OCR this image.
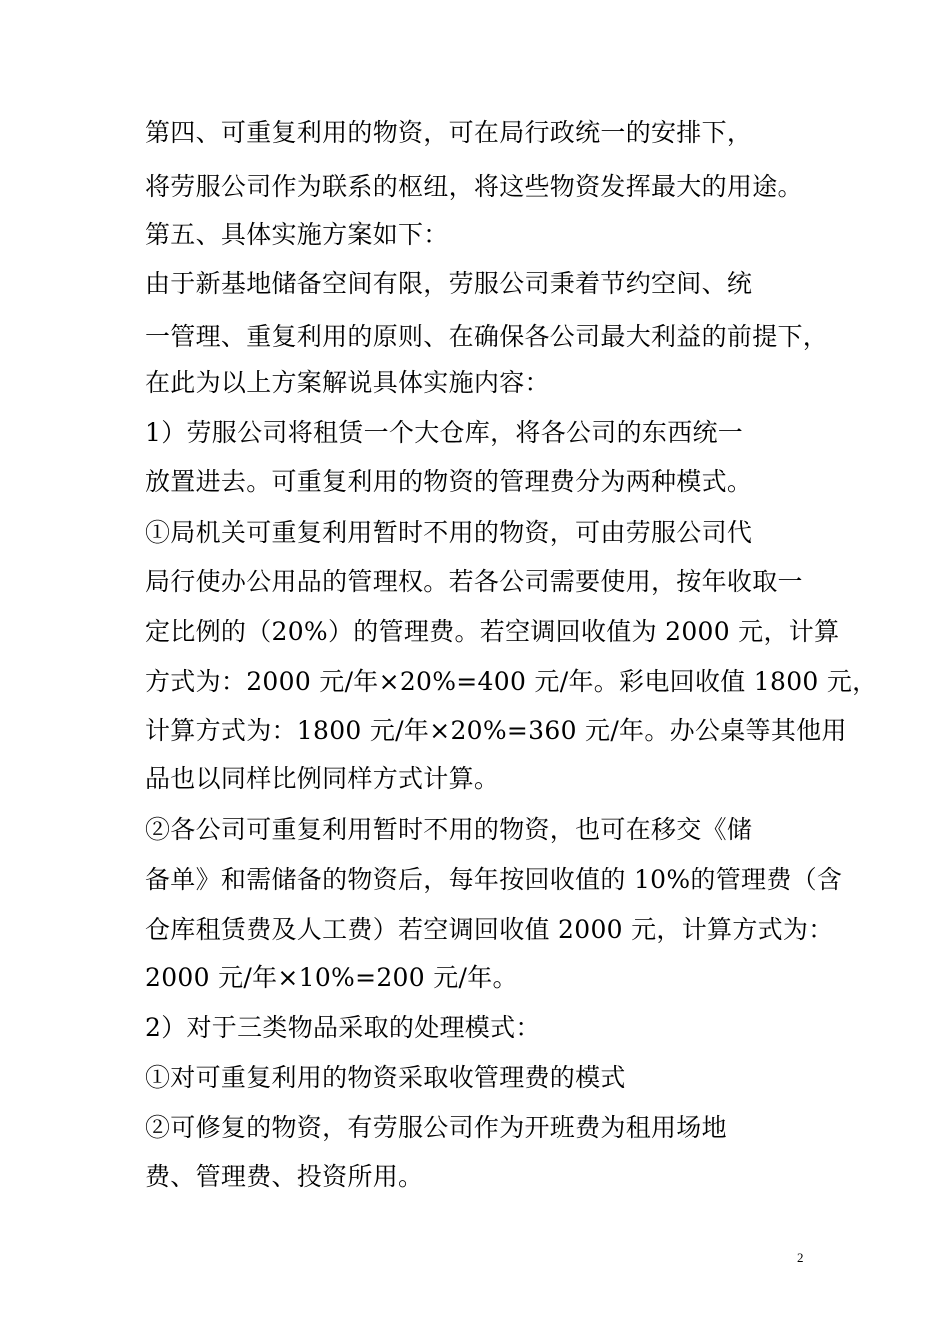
第四、可重复利用的物资，可在局行政统一的安排下，
将劳服公司作为联系的枢纽，将这些物资发挥最大的用途。
第五、具体实施方案如下：
由于新基地储备空间有限，劳服公司秉着节约空间、统
一管理、重复利用的原则、在确保各公司最大利益的前提下，
在此为以上方案解说具体实施内容：
1）劳服公司将租赁一个大仓库，将各公司的东西统一
放置进去。可重复利用的物资的管理费分为两种模式。
①局机关可重复利用暂时不用的物资，可由劳服公司代
局行使办公用品的管理权。若各公司需要使用，按年收取一
定比例的（20%）的管理费。若空调回收值为 2000 元，计算
方式为：2000 元/年×20%=400 元/年。彩电回收值 1800 元，
计算方式为：1800 元/年×20%=360 元/年。办公桌等其他用
品也以同样比例同样方式计算。
②各公司可重复利用暂时不用的物资，也可在移交《储
备单》和需储备的物资后，每年按回收值的 10%的管理费（含
仓库租赁费及人工费）若空调回收值 2000 元，计算方式为：
2000 元/年×10%=200 元/年。
2）对于三类物品采取的处理模式：
①对可重复利用的物资采取收管理费的模式
②可修复的物资，有劳服公司作为开班费为租用场地
费、管理费、投资所用。
2
